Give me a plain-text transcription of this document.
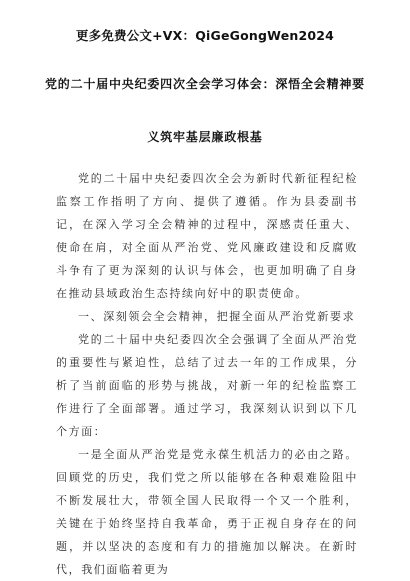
更多免费公文+VX：QiGeGongWen2024
党的二十届中央纪委四次全会学习体会：深悟全会精神要
义筑牢基层廉政根基

党的二十届中央纪委四次全会为新时代新征程纪检监察工作指明了方向、提供了遵循。作为县委副书记，在深入学习全会精神的过程中，深感责任重大、使命在肩，对全面从严治党、党风廉政建设和反腐败斗争有了更为深刻的认识与体会，也更加明确了自身在推动县域政治生态持续向好中的职责使命。

一、深刻领会全会精神，把握全面从严治党新要求

党的二十届中央纪委四次全会强调了全面从严治党的重要性与紧迫性，总结了过去一年的工作成果，分析了当前面临的形势与挑战，对新一年的纪检监察工作进行了全面部署。通过学习，我深刻认识到以下几个方面：

一是全面从严治党是党永葆生机活力的必由之路。回顾党的历史，我们党之所以能够在各种艰难险阻中不断发展壮大，带领全国人民取得一个又一个胜利，关键在于始终坚持自我革命，勇于正视自身存在的问题，并以坚决的态度和有力的措施加以解决。在新时代，我们面临着更为
